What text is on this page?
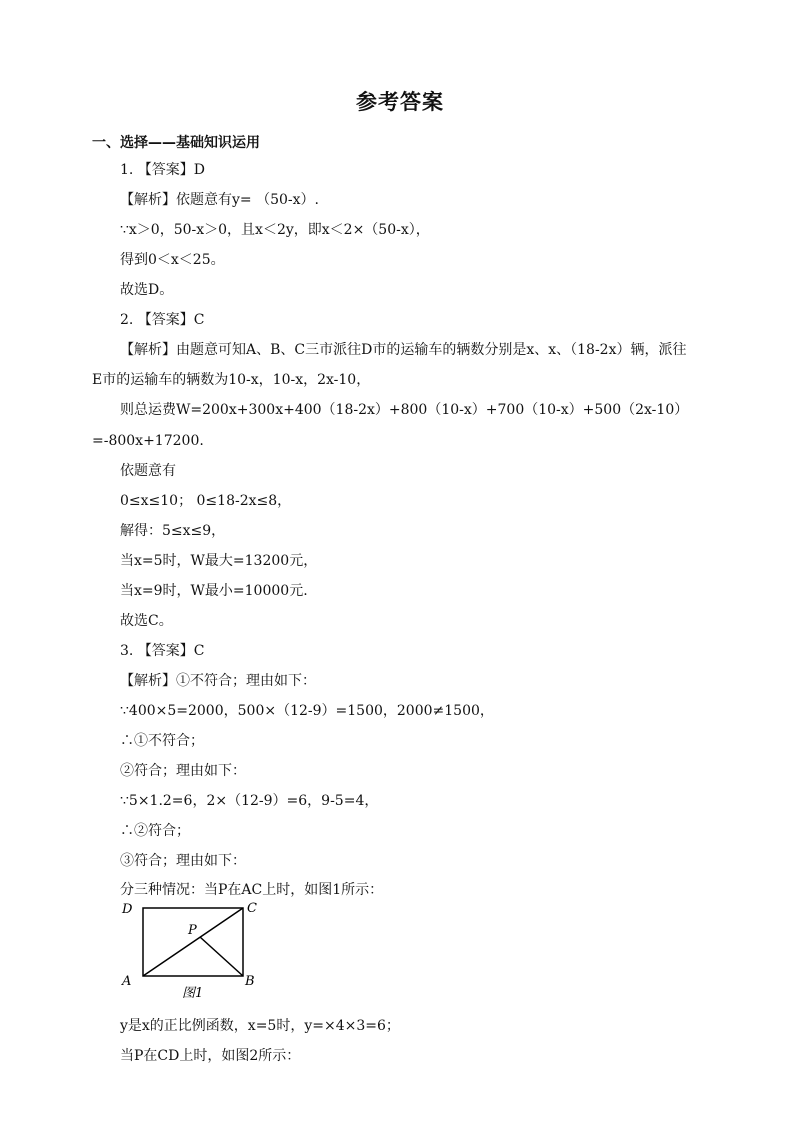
参考答案
一、选择——基础知识运用
1. 【答案】D
【解析】依题意有y= （50-x）.
∵x＞0，50-x＞0，且x＜2y，即x＜2×（50-x），
得到0＜x＜25。
故选D。
2. 【答案】C
【解析】由题意可知A、B、C三市派往D市的运输车的辆数分别是x、x、（18-2x）辆，派往
E市的运输车的辆数为10-x，10-x，2x-10，
则总运费W=200x+300x+400（18-2x）+800（10-x）+700（10-x）+500（2x-10）
=-800x+17200.
依题意有
0≤x≤10； 0≤18-2x≤8，
解得：5≤x≤9，
当x=5时，W最大=13200元，
当x=9时，W最小=10000元.
故选C。
3. 【答案】C
【解析】①不符合；理由如下：
∵400×5=2000，500×（12-9）=1500，2000≠1500，
∴①不符合；
②符合；理由如下：
∵5×1.2=6，2×（12-9）=6，9-5=4，
∴②符合；
③符合；理由如下：
分三种情况：当P在AC上时，如图1所示：
D	C
P
A	B
图1
y是x的正比例函数，x=5时，y=×4×3=6；
当P在CD上时，如图2所示：
